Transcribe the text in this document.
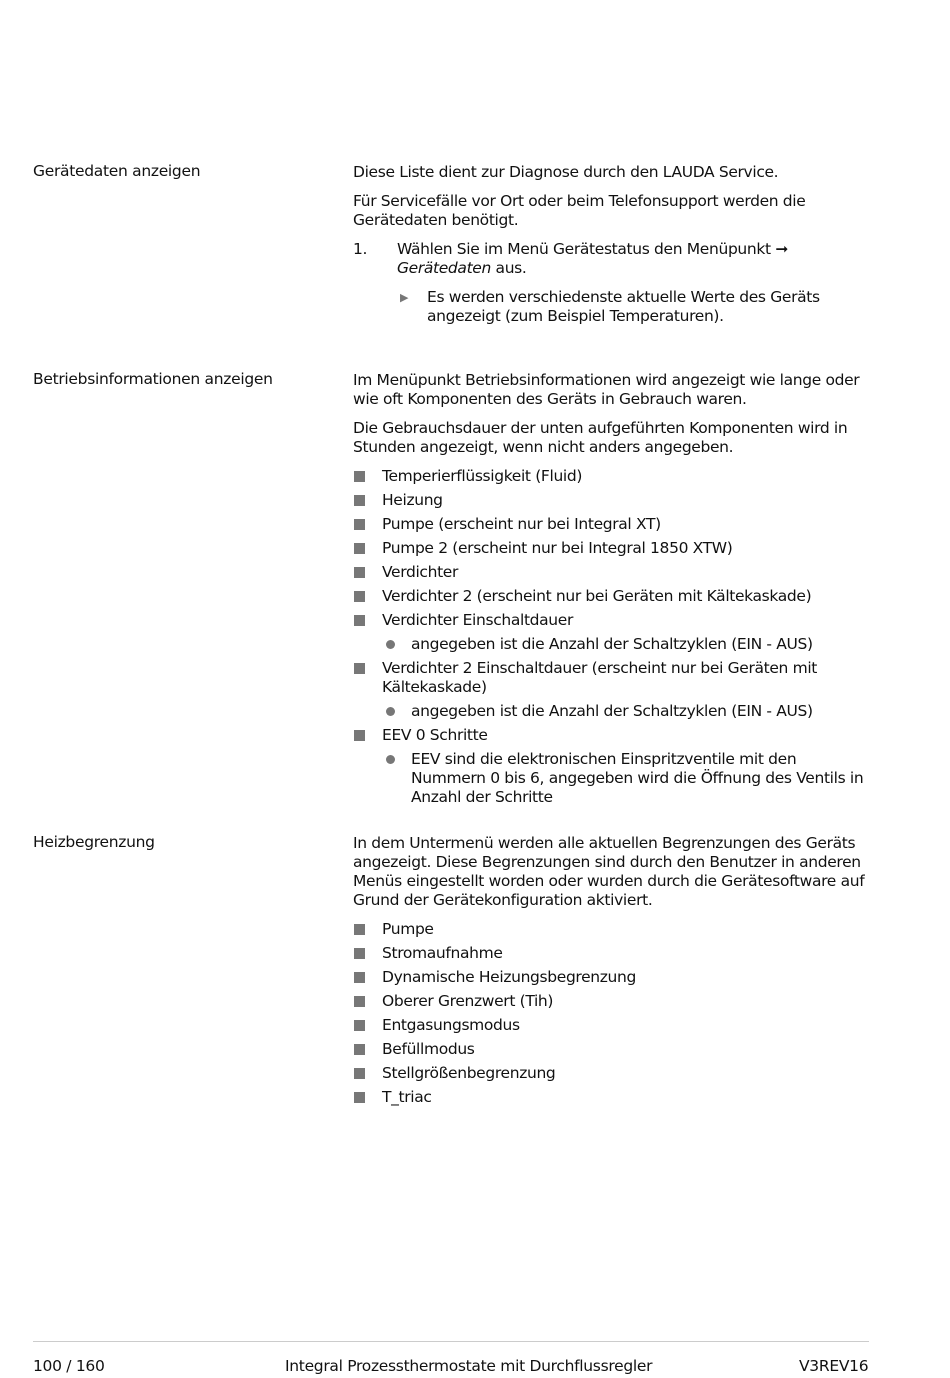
Gerätedaten anzeigen	Diese Liste dient zur Diagnose durch den LAUDA Service.

Für Servicefälle vor Ort oder beim Telefonsupport werden die Gerätedaten benötigt.

1. Wählen Sie im Menü Gerätestatus den Menüpunkt ➞ Gerätedaten aus.
▶ Es werden verschiedenste aktuelle Werte des Geräts angezeigt (zum Beispiel Temperaturen).
Betriebsinformationen anzeigen	Im Menüpunkt Betriebsinformationen wird angezeigt wie lange oder wie oft Komponenten des Geräts in Gebrauch waren.

Die Gebrauchsdauer der unten aufgeführten Komponenten wird in Stunden angezeigt, wenn nicht anders angegeben.

Temperierflüssigkeit (Fluid)
Heizung
Pumpe (erscheint nur bei Integral XT)
Pumpe 2 (erscheint nur bei Integral 1850 XTW)
Verdichter
Verdichter 2 (erscheint nur bei Geräten mit Kältekaskade)
Verdichter Einschaltdauer
angegeben ist die Anzahl der Schaltzyklen (EIN - AUS)
Verdichter 2 Einschaltdauer (erscheint nur bei Geräten mit Kältekaskade)
angegeben ist die Anzahl der Schaltzyklen (EIN - AUS)
EEV 0 Schritte
EEV sind die elektronischen Einspritzventile mit den Nummern 0 bis 6, angegeben wird die Öffnung des Ventils in Anzahl der Schritte
Heizbegrenzung	In dem Untermenü werden alle aktuellen Begrenzungen des Geräts angezeigt. Diese Begrenzungen sind durch den Benutzer in anderen Menüs eingestellt worden oder wurden durch die Gerätesoftware auf Grund der Gerätekonfiguration aktiviert.

Pumpe
Stromaufnahme
Dynamische Heizungsbegrenzung
Oberer Grenzwert (Tih)
Entgasungsmodus
Befüllmodus
Stellgrößenbegrenzung
T_triac
100 / 160	Integral Prozessthermostate mit Durchflussregler	V3REV16
